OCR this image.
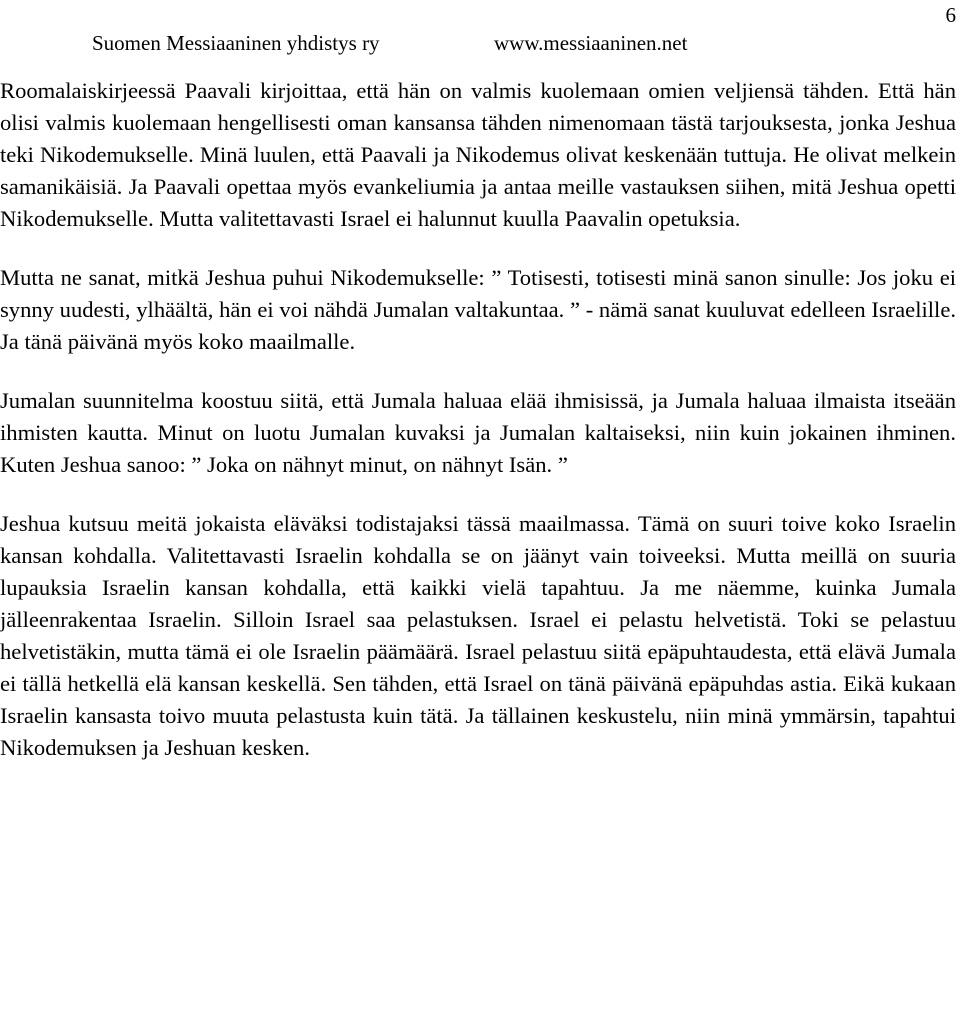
6
Suomen Messiaaninen yhdistys ry	www.messiaaninen.net

Roomalaiskirjeessä Paavali kirjoittaa, että hän on valmis kuolemaan omien veljiensä tähden. Että hän olisi valmis kuolemaan hengellisesti oman kansansa tähden nimenomaan tästä tarjouksesta, jonka Jeshua teki Nikodemukselle. Minä luulen, että Paavali ja Nikodemus olivat keskenään tuttuja. He olivat melkein samanikäisiä. Ja Paavali opettaa myös evankeliumia ja antaa meille vastauksen siihen, mitä Jeshua opetti Nikodemukselle. Mutta valitettavasti Israel ei halunnut kuulla Paavalin opetuksia.

Mutta ne sanat, mitkä Jeshua puhui Nikodemukselle: ” Totisesti, totisesti minä sanon sinulle: Jos joku ei synny uudesti, ylhäältä, hän ei voi nähdä Jumalan valtakuntaa. ” - nämä sanat kuuluvat edelleen Israelille. Ja tänä päivänä myös koko maailmalle.

Jumalan suunnitelma koostuu siitä, että Jumala haluaa elää ihmisissä, ja Jumala haluaa ilmaista itseään ihmisten kautta. Minut on luotu Jumalan kuvaksi ja Jumalan kaltaiseksi, niin kuin jokainen ihminen. Kuten Jeshua sanoo: ” Joka on nähnyt minut, on nähnyt Isän. ”

Jeshua kutsuu meitä jokaista eläväksi todistajaksi tässä maailmassa. Tämä on suuri toive koko Israelin kansan kohdalla. Valitettavasti Israelin kohdalla se on jäänyt vain toiveeksi. Mutta meillä on suuria lupauksia Israelin kansan kohdalla, että kaikki vielä tapahtuu. Ja me näemme, kuinka Jumala jälleenrakentaa Israelin. Silloin Israel saa pelastuksen. Israel ei pelastu helvetistä. Toki se pelastuu helvetistäkin, mutta tämä ei ole Israelin päämäärä. Israel pelastuu siitä epäpuhtaudesta, että elävä Jumala ei tällä hetkellä elä kansan keskellä. Sen tähden, että Israel on tänä päivänä epäpuhdas astia. Eikä kukaan Israelin kansasta toivo muuta pelastusta kuin tätä. Ja tällainen keskustelu, niin minä ymmärsin, tapahtui Nikodemuksen ja Jeshuan kesken.
